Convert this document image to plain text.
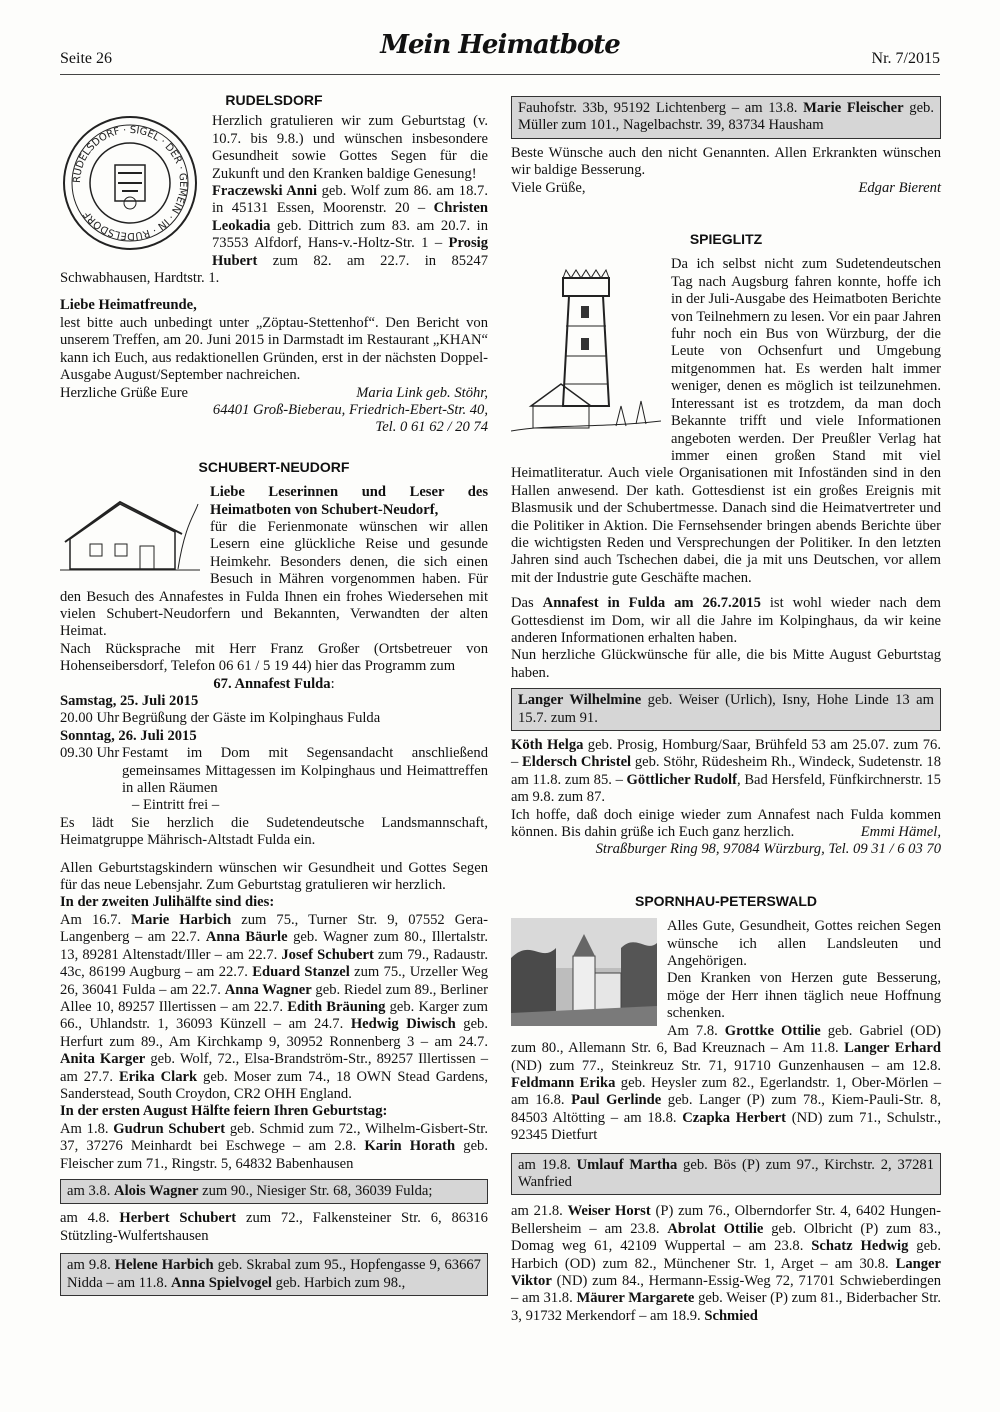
Seite 26	Mein Heimatbote	Nr. 7/2015
RUDELSDORF
RUDELSDORF · SIGEL · DER · GEMEIN · IN · RUDELSDORF

Herzlich gratulieren wir zum Geburtstag (v. 10.7. bis 9.8.) und wünschen insbesondere Gesundheit sowie Gottes Segen für die Zukunft und den Kranken baldige Genesung!

Fraczewski Anni geb. Wolf zum 86. am 18.7. in 45131 Essen, Moorenstr. 20 – Christen Leokadia geb. Dittrich zum 83. am 20.7. in 73553 Alfdorf, Hans-v.-Holtz-Str. 1 – Prosig Hubert zum 82. am 22.7. in 85247 Schwabhausen, Hardtstr. 1.

Liebe Heimatfreunde,

lest bitte auch unbedingt unter „Zöptau-Stettenhof“. Den Bericht von unserem Treffen, am 20. Juni 2015 in Darmstadt im Restaurant „KHAN“ kann ich Euch, aus redaktionellen Gründen, erst in der nächsten Doppel-Ausgabe August/September nachreichen.

Herzliche Grüße Eure	Maria Link geb. Stöhr,

64401 Groß-Bieberau, Friedrich-Ebert-Str. 40,

Tel. 0 61 62 / 20 74

SCHUBERT-NEUDORF

Liebe Leserinnen und Leser des Heimatboten von Schubert-Neudorf,

für die Ferienmonate wünschen wir allen Lesern eine glückliche Reise und gesunde Heimkehr. Besonders denen, die sich einen Besuch in Mähren vorgenommen haben. Für den Besuch des Annafestes in Fulda Ihnen ein frohes Wiedersehen mit vielen Schubert-Neudorfern und Bekannten, Verwandten der alten Heimat.

Nach Rücksprache mit Herr Franz Großer (Ortsbetreuer von Hohenseibersdorf, Telefon 06 61 / 5 19 44) hier das Programm zum

67. Annafest Fulda:

Samstag, 25. Juli 2015

20.00 Uhr Begrüßung der Gäste im Kolpinghaus Fulda

Sonntag, 26. Juli 2015

09.30 Uhr Festamt im Dom mit Segensandacht anschließend gemeinsames Mittagessen im Kolpinghaus und Heimattreffen in allen Räumen

– Eintritt frei –

Es lädt Sie herzlich die Sudetendeutsche Landsmannschaft, Heimatgruppe Mährisch-Altstadt Fulda ein.

Allen Geburtstagskindern wünschen wir Gesundheit und Gottes Segen für das neue Lebensjahr. Zum Geburtstag gratulieren wir herzlich.

In der zweiten Julihälfte sind dies:

Am 16.7. Marie Harbich zum 75., Turner Str. 9, 07552 Gera-Langenberg – am 22.7. Anna Bäurle geb. Wagner zum 80., Illertalstr. 13, 89281 Altenstadt/Iller – am 22.7. Josef Schubert zum 79., Radaustr. 43c, 86199 Augburg – am 22.7. Eduard Stanzel zum 75., Urzeller Weg 26, 36041 Fulda – am 22.7. Anna Wagner geb. Riedel zum 89., Berliner Allee 10, 89257 Illertissen – am 22.7. Edith Bräuning geb. Karger zum 66., Uhlandstr. 1, 36093 Künzell – am 24.7. Hedwig Diwisch geb. Herfurt zum 89., Am Kirchkamp 9, 30952 Ronnenberg 3 – am 24.7. Anita Karger geb. Wolf, 72., Elsa-Brandström-Str., 89257 Illertissen – am 27.7. Erika Clark geb. Moser zum 74., 18 OWN Stead Gardens, Sanderstead, South Croydon, CR2 OHH England.

In der ersten August Hälfte feiern Ihren Geburtstag:

Am 1.8. Gudrun Schubert geb. Schmid zum 72., Wilhelm-Gisbert-Str. 37, 37276 Meinhardt bei Eschwege – am 2.8. Karin Horath geb. Fleischer zum 71., Ringstr. 5, 64832 Babenhausen

am 3.8. Alois Wagner zum 90., Niesiger Str. 68, 36039 Fulda;

am 4.8. Herbert Schubert zum 72., Falkensteiner Str. 6, 86316 Stützling-Wulfertshausen

am 9.8. Helene Harbich geb. Skrabal zum 95., Hopfengasse 9, 63667 Nidda – am 11.8. Anna Spielvogel geb. Harbich zum 98.,
Fauhofstr. 33b, 95192 Lichtenberg – am 13.8. Marie Fleischer geb. Müller zum 101., Nagelbachstr. 39, 83734 Hausham

Beste Wünsche auch den nicht Genannten. Allen Erkrankten wünschen wir baldige Besserung.

Viele Grüße,	Edgar Bierent

SPIEGLITZ

Da ich selbst nicht zum Sudetendeutschen Tag nach Augsburg fahren konnte, hoffe ich in der Juli-Ausgabe des Heimatboten Berichte von Teilnehmern zu lesen. Vor ein paar Jahren fuhr noch ein Bus von Würzburg, der die Leute von Ochsenfurt und Umgebung mitgenommen hat. Es werden halt immer weniger, denen es möglich ist teilzunehmen. Interessant ist es trotzdem, da man doch Bekannte trifft und viele Informationen angeboten werden. Der Preußler Verlag hat immer einen großen Stand mit viel Heimatliteratur. Auch viele Organisationen mit Infoständen sind in den Hallen anwesend. Der kath. Gottesdienst ist ein großes Ereignis mit Blasmusik und der Schubertmesse. Danach sind die Heimatvertreter und die Politiker in Aktion. Die Fernsehsender bringen abends Berichte über die wichtigsten Reden und Versprechungen der Politiker. In den letzten Jahren sind auch Tschechen dabei, die ja mit uns Deutschen, vor allem mit der Industrie gute Geschäfte machen.

Das Annafest in Fulda am 26.7.2015 ist wohl wieder nach dem Gottesdienst im Dom, wir all die Jahre im Kolpinghaus, da wir keine anderen Informationen erhalten haben.

Nun herzliche Glückwünsche für alle, die bis Mitte August Geburtstag haben.

Langer Wilhelmine geb. Weiser (Urlich), Isny, Hohe Linde 13 am 15.7. zum 91.

Köth Helga geb. Prosig, Homburg/Saar, Brühfeld 53 am 25.07. zum 76. – Eldersch Christel geb. Stöhr, Rüdesheim Rh., Windeck, Sudetenstr. 18 am 11.8. zum 85. – Göttlicher Rudolf, Bad Hersfeld, Fünfkirchnerstr. 15 am 9.8. zum 87.

Ich hoffe, daß doch einige wieder zum Annafest nach Fulda kommen können. Bis dahin grüße ich Euch ganz herzlich.	Emmi Hämel,

Straßburger Ring 98, 97084 Würzburg, Tel. 09 31 / 6 03 70

SPORNHAU-PETERSWALD

Alles Gute, Gesundheit, Gottes reichen Segen wünsche ich allen Landsleuten und Angehörigen.

Den Kranken von Herzen gute Besserung, möge der Herr ihnen täglich neue Hoffnung schenken.

Am 7.8. Grottke Ottilie geb. Gabriel (OD) zum 80., Allemann Str. 6, Bad Kreuznach – Am 11.8. Langer Erhard (ND) zum 77., Steinkreuz Str. 71, 91710 Gunzenhausen – am 12.8. Feldmann Erika geb. Heysler zum 82., Egerlandstr. 1, Ober-Mörlen – am 16.8. Paul Gerlinde geb. Langer (P) zum 78., Kiem-Pauli-Str. 8, 84503 Altötting – am 18.8. Czapka Herbert (ND) zum 71., Schulstr., 92345 Dietfurt

am 19.8. Umlauf Martha geb. Bös (P) zum 97., Kirchstr. 2, 37281 Wanfried

am 21.8. Weiser Horst (P) zum 76., Olberndorfer Str. 4, 6402 Hungen-Bellersheim – am 23.8. Abrolat Ottilie geb. Olbricht (P) zum 83., Domag weg 61, 42109 Wuppertal – am 23.8. Schatz Hedwig geb. Harbich (OD) zum 82., Münchener Str. 1, Arget – am 30.8. Langer Viktor (ND) zum 84., Hermann-Essig-Weg 72, 71701 Schwieberdingen – am 31.8. Mäurer Margarete geb. Weiser (P) zum 81., Biderbacher Str. 3, 91732 Merkendorf – am 18.9. Schmied
